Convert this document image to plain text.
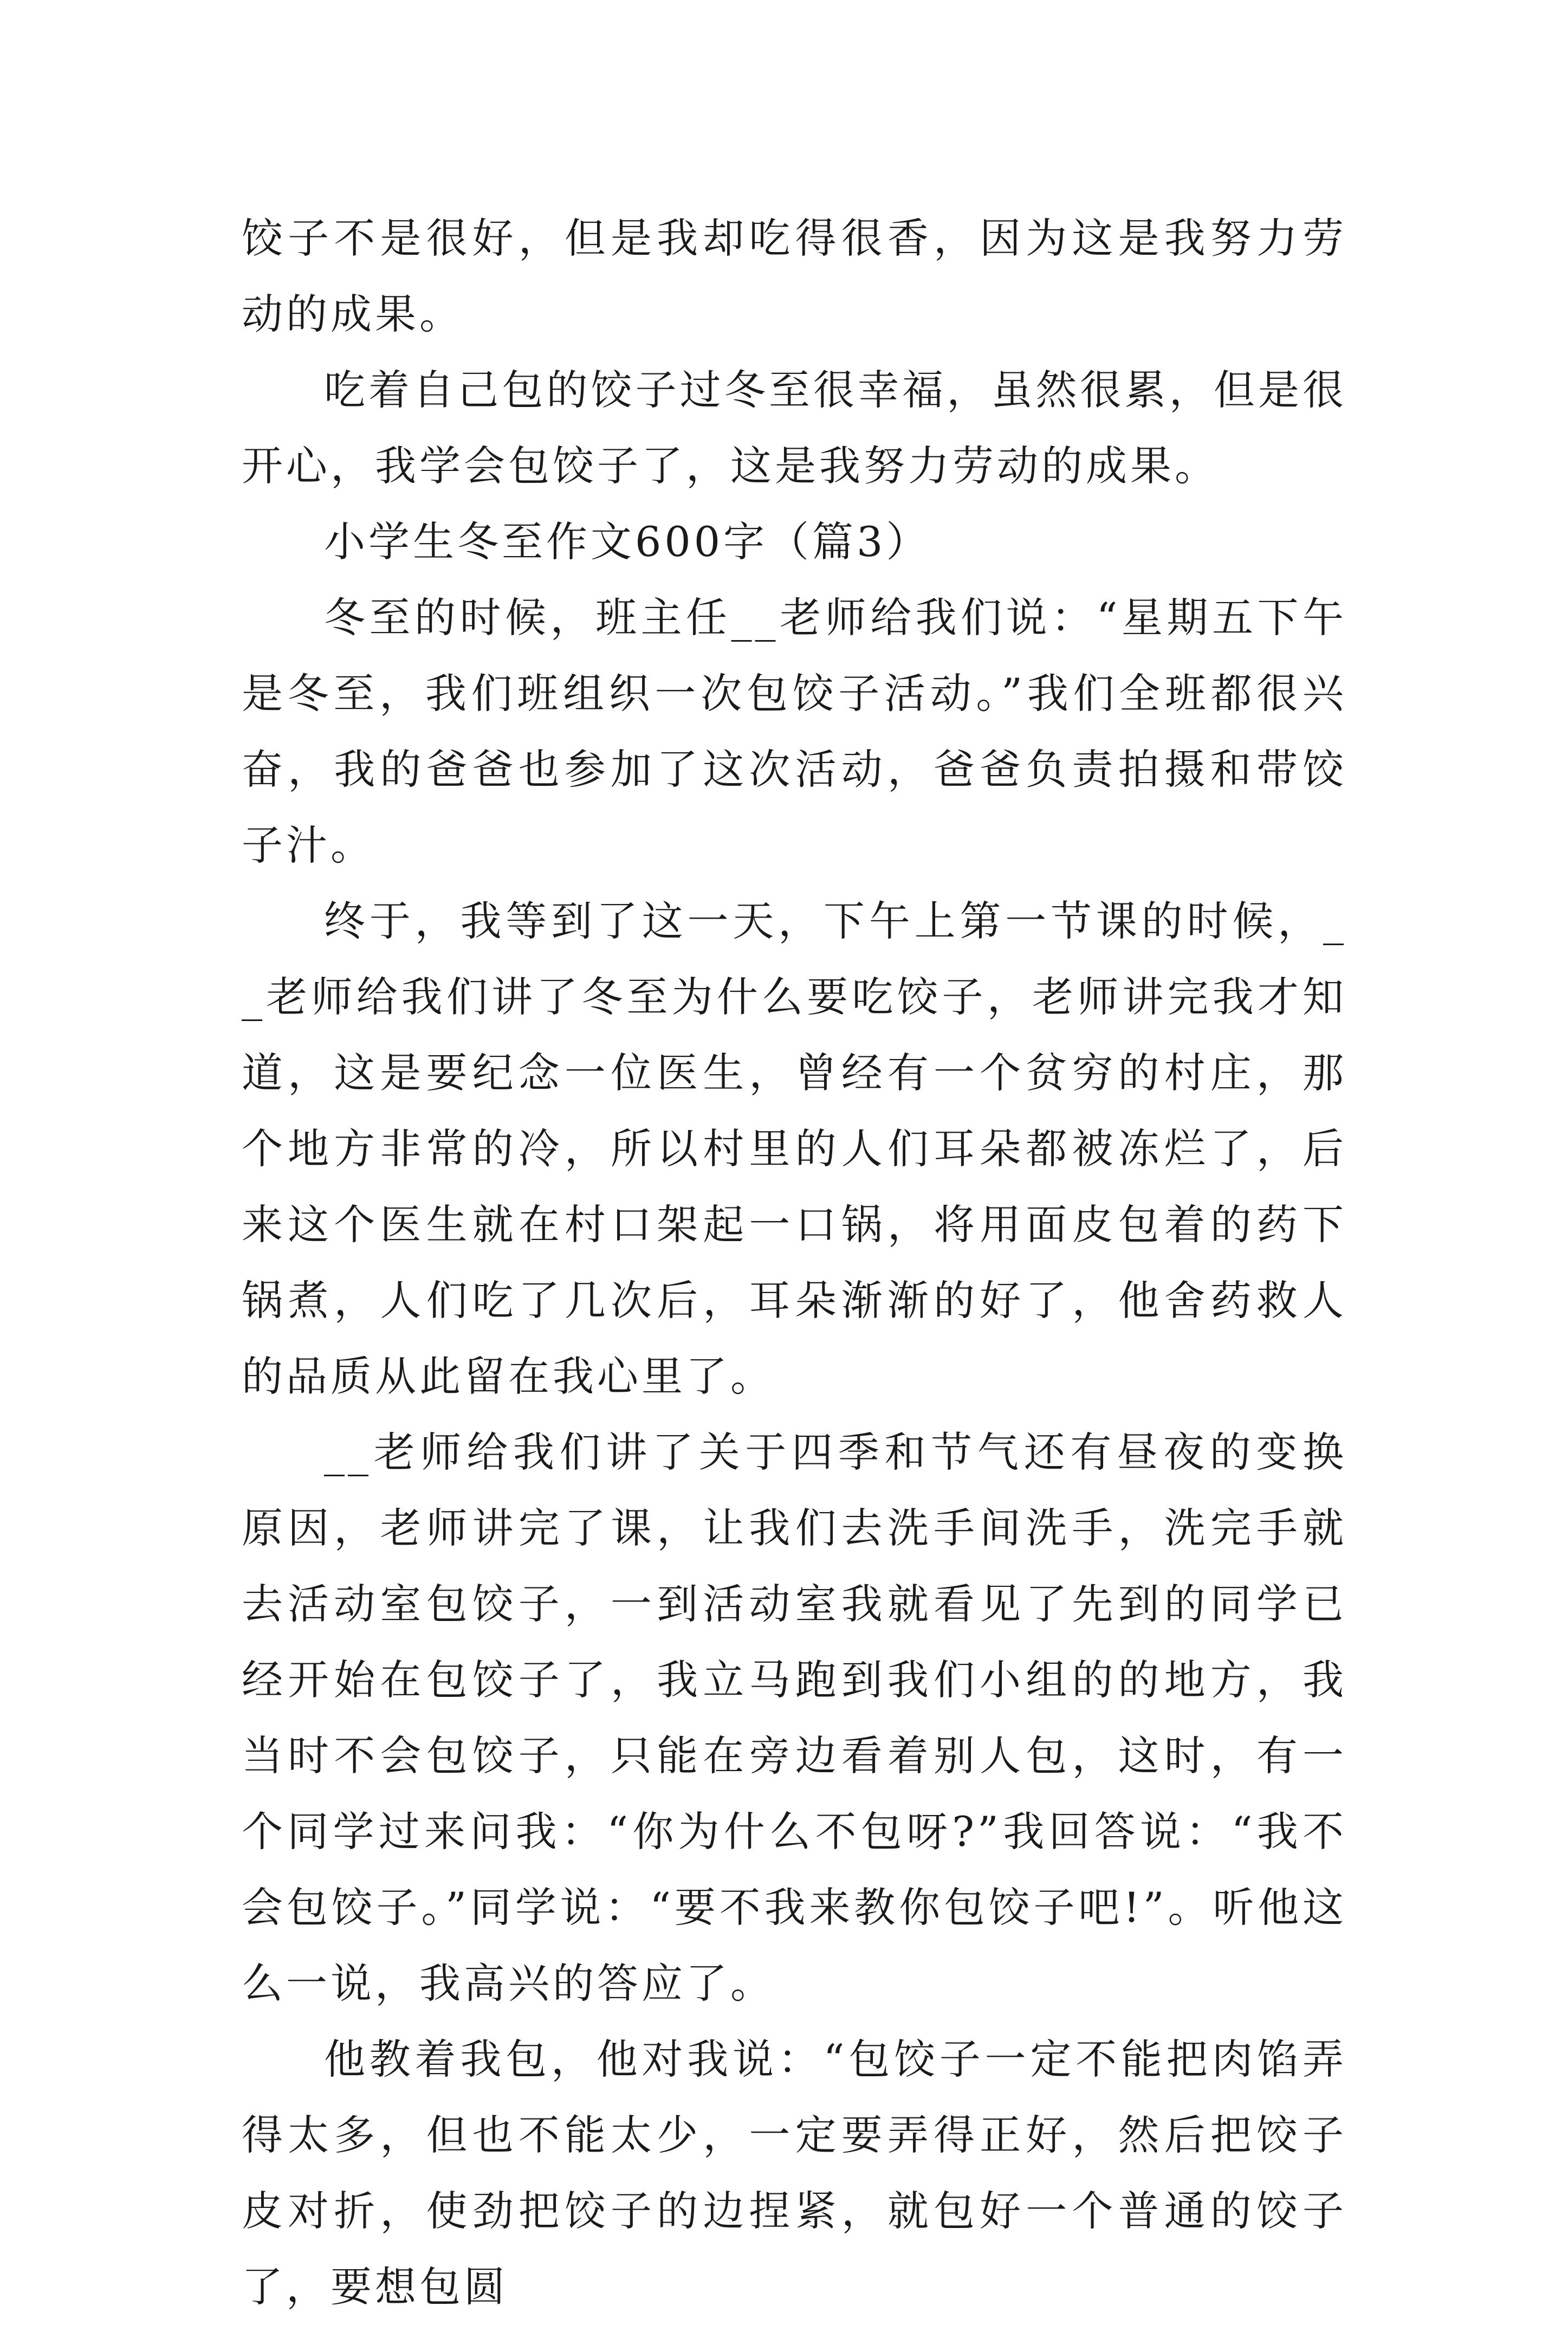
饺子不是很好，但是我却吃得很香，因为这是我努力劳动的成果。

吃着自己包的饺子过冬至很幸福，虽然很累，但是很开心，我学会包饺子了，这是我努力劳动的成果。

小学生冬至作文600字（篇3）

冬至的时候，班主任__老师给我们说：“星期五下午是冬至，我们班组织一次包饺子活动。”我们全班都很兴奋，我的爸爸也参加了这次活动，爸爸负责拍摄和带饺子汁。

终于，我等到了这一天，下午上第一节课的时候，__老师给我们讲了冬至为什么要吃饺子，老师讲完我才知道，这是要纪念一位医生，曾经有一个贫穷的村庄，那个地方非常的冷，所以村里的人们耳朵都被冻烂了，后来这个医生就在村口架起一口锅，将用面皮包着的药下锅煮，人们吃了几次后，耳朵渐渐的好了，他舍药救人的品质从此留在我心里了。

__老师给我们讲了关于四季和节气还有昼夜的变换原因，老师讲完了课，让我们去洗手间洗手，洗完手就去活动室包饺子，一到活动室我就看见了先到的同学已经开始在包饺子了，我立马跑到我们小组的的地方，我当时不会包饺子，只能在旁边看着别人包，这时，有一个同学过来问我：“你为什么不包呀?”我回答说：“我不会包饺子。”同学说：“要不我来教你包饺子吧!”。听他这么一说，我高兴的答应了。

他教着我包，他对我说：“包饺子一定不能把肉馅弄得太多，但也不能太少，一定要弄得正好，然后把饺子皮对折，使劲把饺子的边捏紧，就包好一个普通的饺子了，要想包圆
